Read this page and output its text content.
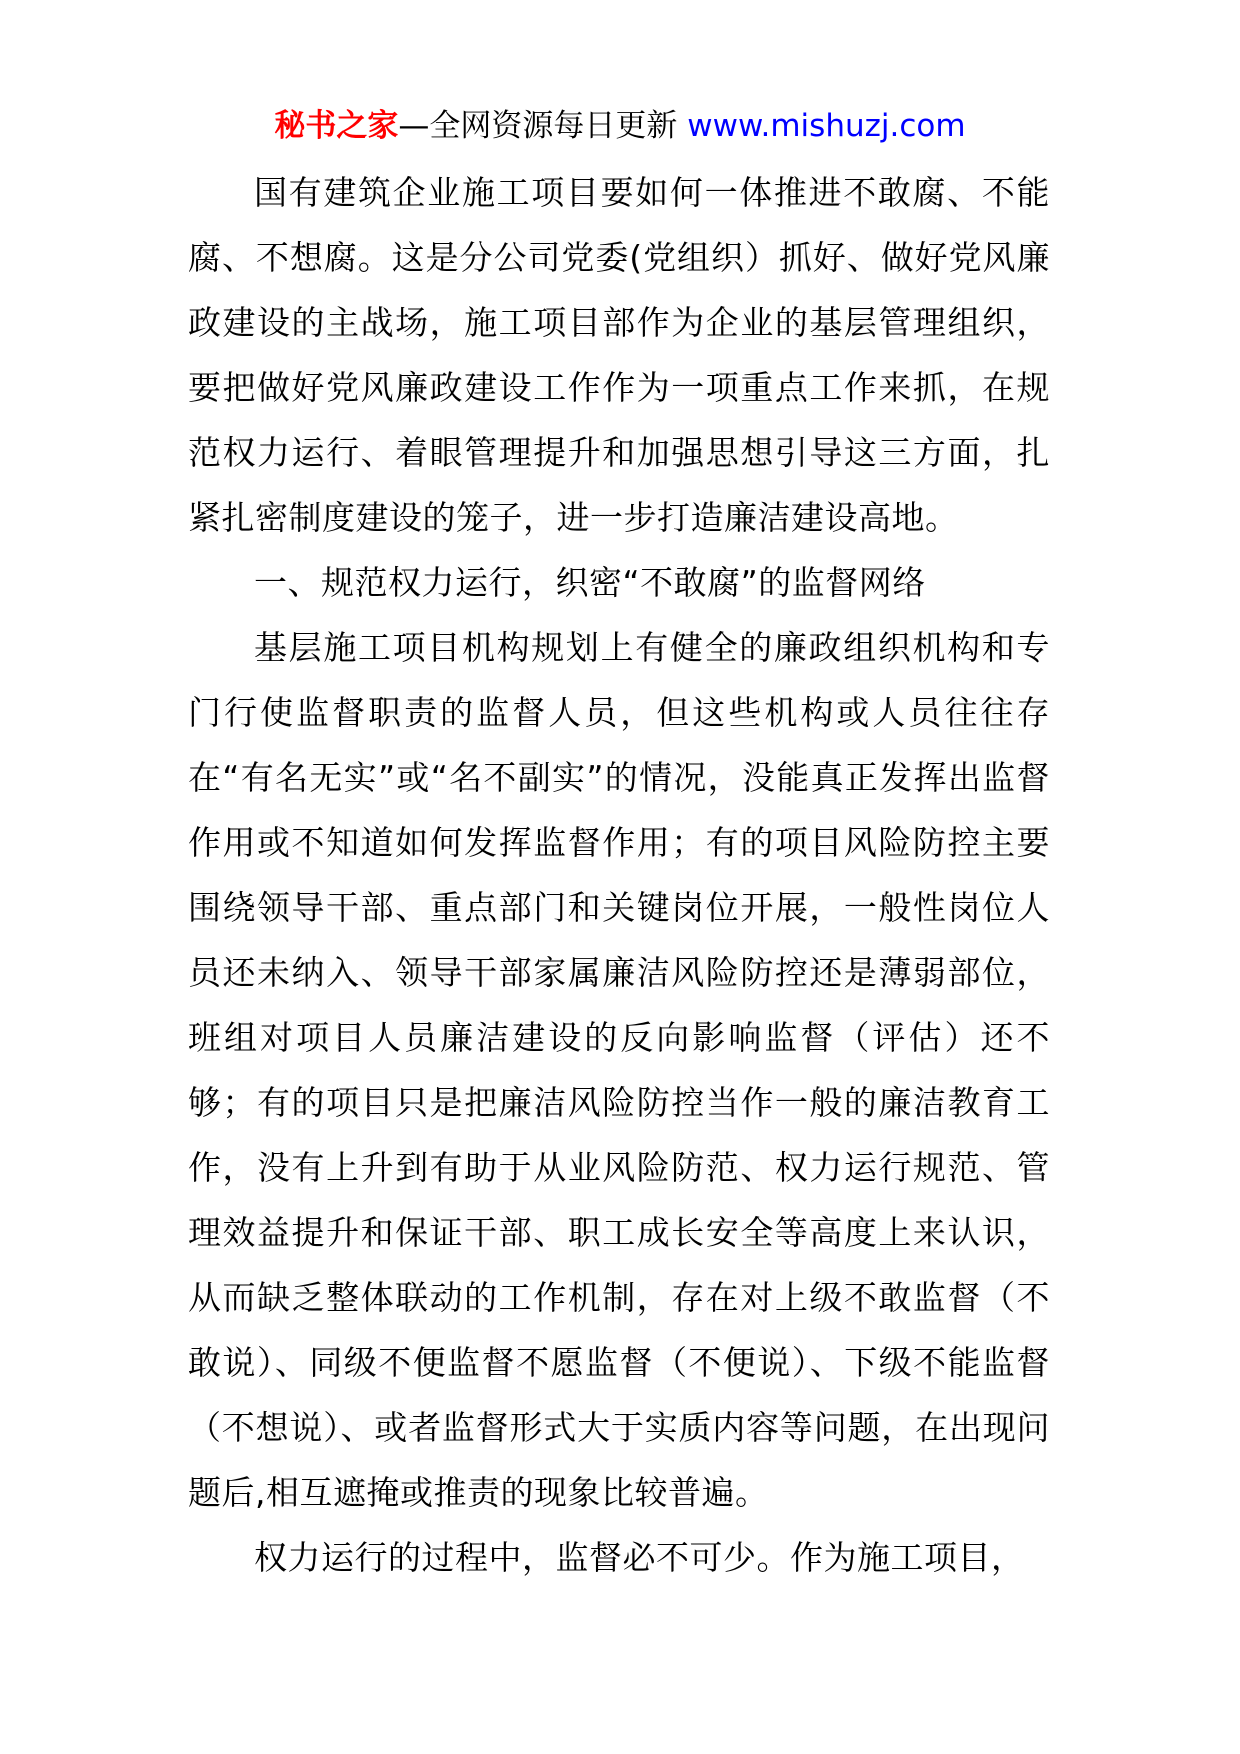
秘书之家—全网资源每日更新 www.mishuzj.com

国有建筑企业施工项目要如何一体推进不敢腐、不能腐、不想腐。这是分公司党委(党组织）抓好、做好党风廉政建设的主战场，施工项目部作为企业的基层管理组织，要把做好党风廉政建设工作作为一项重点工作来抓，在规范权力运行、着眼管理提升和加强思想引导这三方面，扎紧扎密制度建设的笼子，进一步打造廉洁建设高地。

一、规范权力运行，织密“不敢腐”的监督网络

基层施工项目机构规划上有健全的廉政组织机构和专门行使监督职责的监督人员，但这些机构或人员往往存在“有名无实”或“名不副实”的情况，没能真正发挥出监督作用或不知道如何发挥监督作用；有的项目风险防控主要围绕领导干部、重点部门和关键岗位开展，一般性岗位人员还未纳入、领导干部家属廉洁风险防控还是薄弱部位，班组对项目人员廉洁建设的反向影响监督（评估）还不够；有的项目只是把廉洁风险防控当作一般的廉洁教育工作，没有上升到有助于从业风险防范、权力运行规范、管理效益提升和保证干部、职工成长安全等高度上来认识，从而缺乏整体联动的工作机制，存在对上级不敢监督（不敢说）、同级不便监督不愿监督（不便说）、下级不能监督（不想说）、或者监督形式大于实质内容等问题，在出现问题后,相互遮掩或推责的现象比较普遍。

权力运行的过程中，监督必不可少。作为施工项目，
